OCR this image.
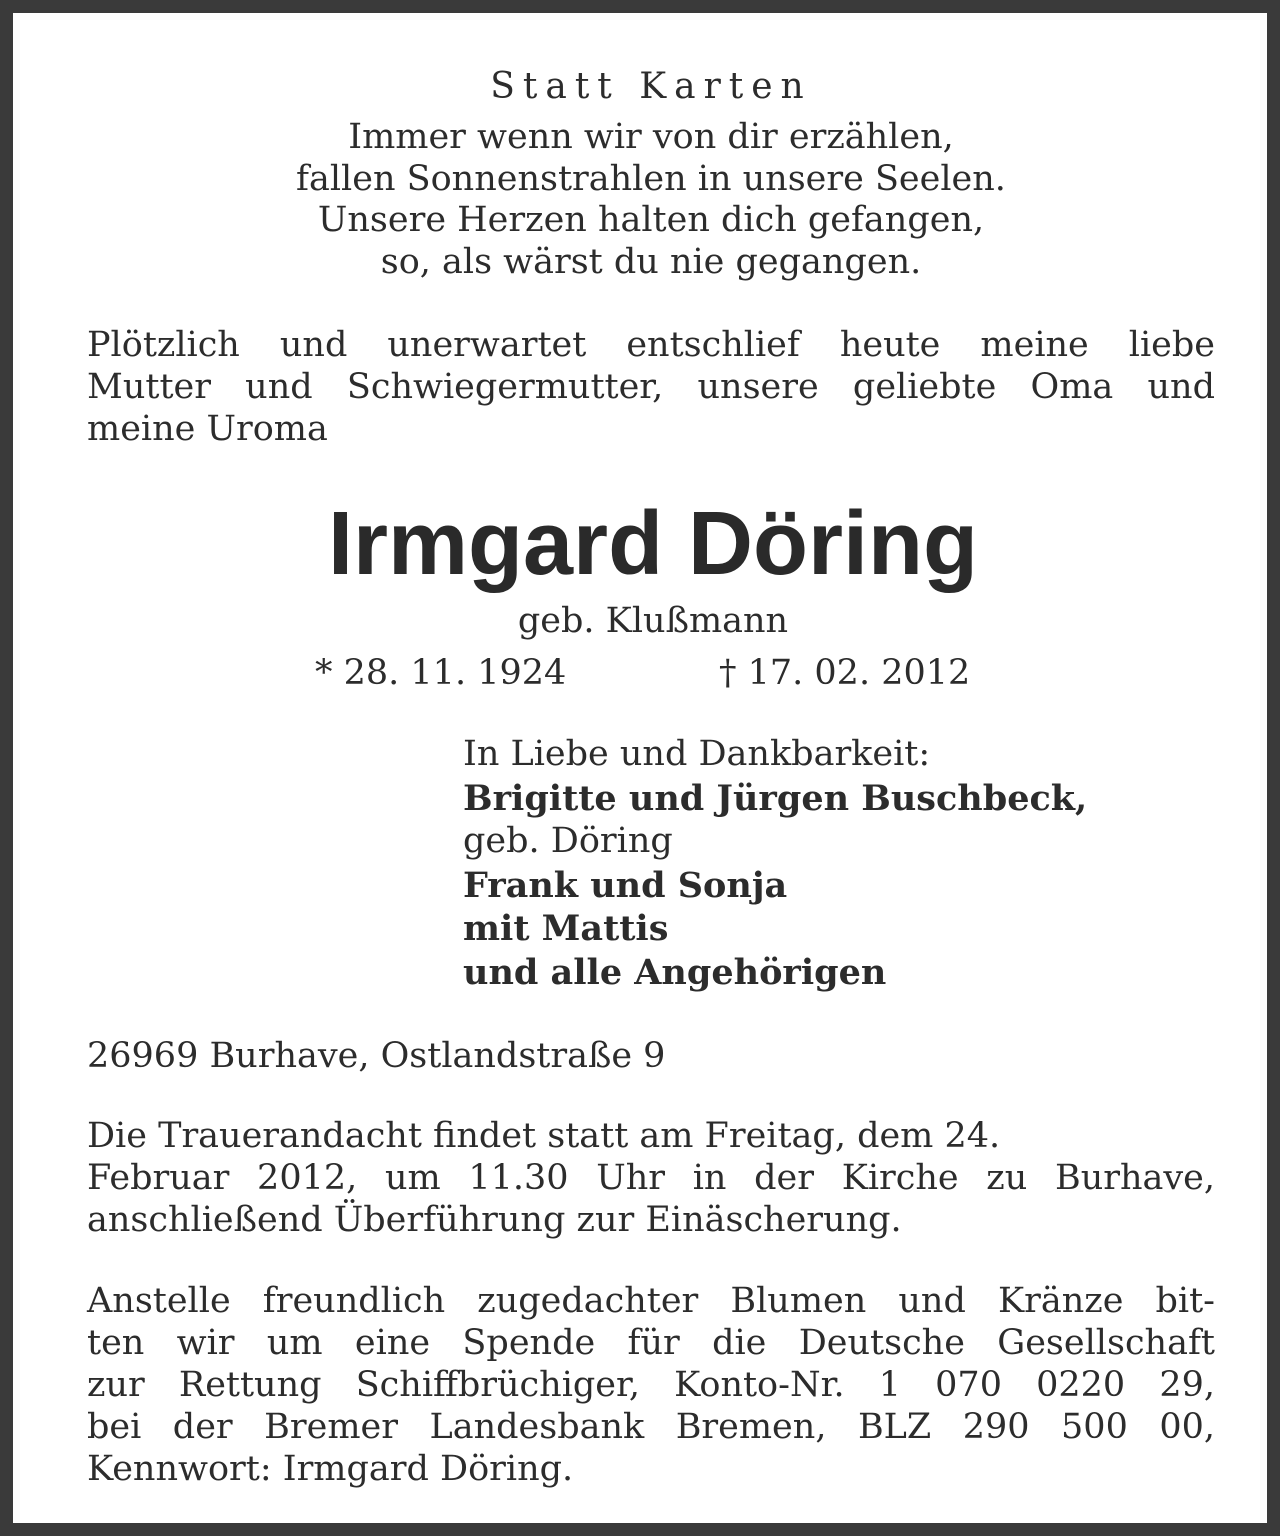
Statt Karten
Immer wenn wir von dir erzählen,
fallen Sonnenstrahlen in unsere Seelen.
Unsere Herzen halten dich gefangen,
so, als wärst du nie gegangen.
Plötzlich und unerwartet entschlief heute meine liebe
Mutter und Schwiegermutter, unsere geliebte Oma und
meine Uroma
Irmgard Döring
geb. Klußmann
* 28. 11. 1924	† 17. 02. 2012
In Liebe und Dankbarkeit:
Brigitte und Jürgen Buschbeck,
geb. Döring
Frank und Sonja
mit Mattis
und alle Angehörigen
26969 Burhave, Ostlandstraße 9
Die Trauerandacht findet statt am Freitag, dem 24.
Februar 2012, um 11.30 Uhr in der Kirche zu Burhave,
anschließend Überführung zur Einäscherung.
Anstelle freundlich zugedachter Blumen und Kränze bit-
ten wir um eine Spende für die Deutsche Gesellschaft
zur Rettung Schiffbrüchiger, Konto-Nr. 1 070 0220 29,
bei der Bremer Landesbank Bremen, BLZ 290 500 00,
Kennwort: Irmgard Döring.
